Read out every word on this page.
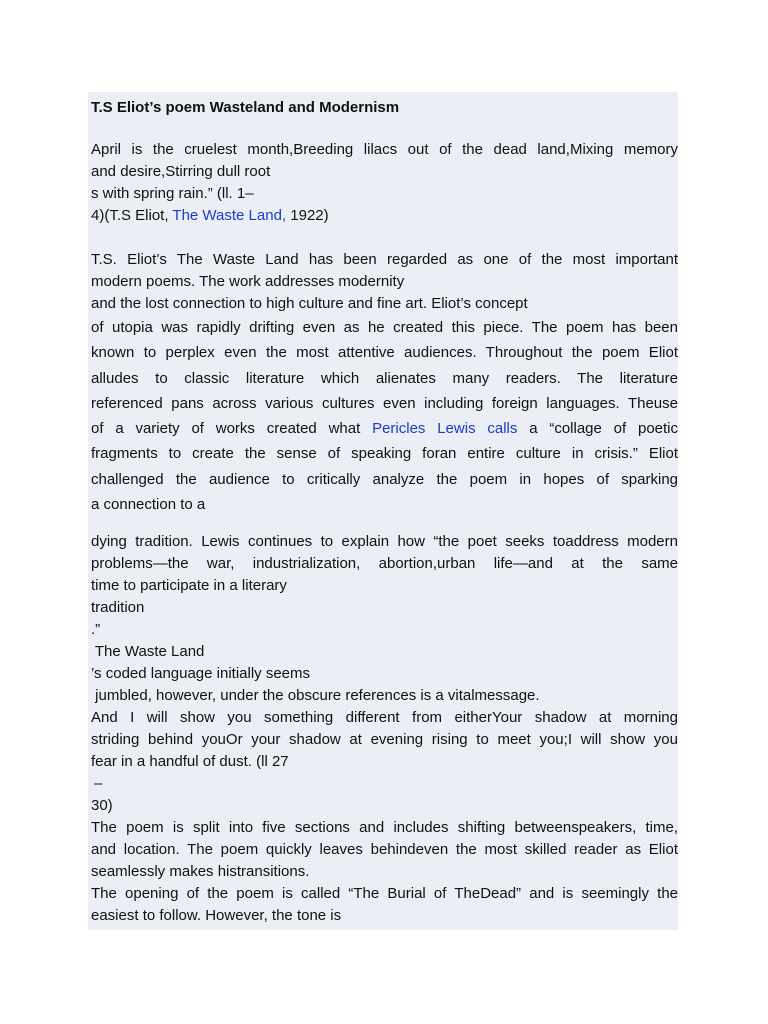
T.S Eliot’s poem Wasteland and Modernism

April is the cruelest month,Breeding lilacs out of the dead land,Mixing memory

and desire,Stirring dull root

s with spring rain.” (ll. 1–

4)(T.S Eliot, The Waste Land, 1922)

T.S. Eliot’s The Waste Land has been regarded as one of the most important

modern poems. The work addresses modernity

and the lost connection to high culture and fine art. Eliot’s concept

of utopia was rapidly drifting even as he created this piece. The poem has been

known to perplex even the most attentive audiences. Throughout the poem Eliot

alludes to classic literature which alienates many readers. The literature

referenced pans across various cultures even including foreign languages. Theuse

of a variety of works created what Pericles Lewis calls a “collage of poetic

fragments to create the sense of speaking foran entire culture in crisis.” Eliot

challenged the audience to critically analyze the poem in hopes of sparking

a connection to a

dying tradition. Lewis continues to explain how “the poet seeks toaddress modern

problems—the war, industrialization, abortion,urban life—and at the same

time to participate in a literary

tradition

.”

The Waste Land

’s coded language initially seems

jumbled, however, under the obscure references is a vitalmessage.

And I will show you something different from eitherYour shadow at morning

striding behind youOr your shadow at evening rising to meet you;I will show you

fear in a handful of dust. (ll 27

–

30)

The poem is split into five sections and includes shifting betweenspeakers, time,

and location. The poem quickly leaves behindeven the most skilled reader as Eliot

seamlessly makes histransitions.

The opening of the poem is called “The Burial of TheDead” and is seemingly the

easiest to follow. However, the tone is
